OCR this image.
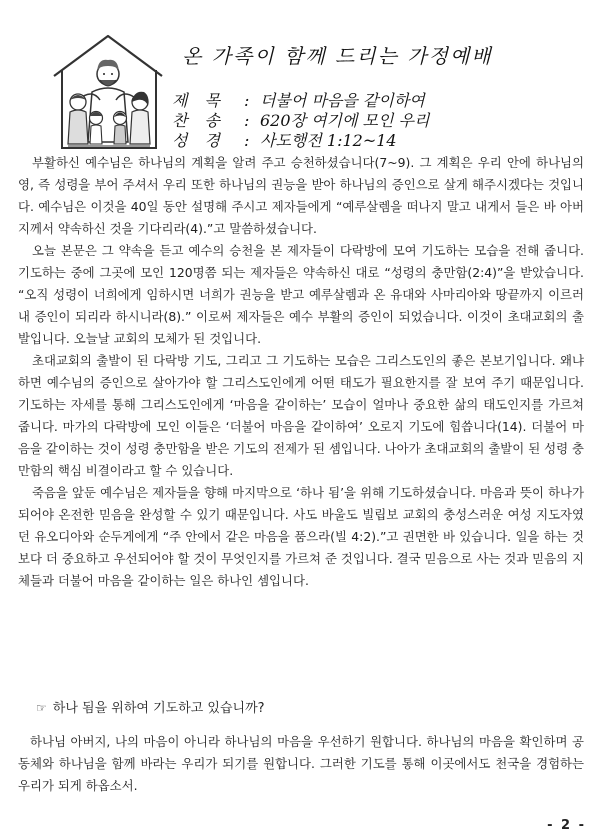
온 가족이 함께 드리는 가정예배
제 목 : 더불어 마음을 같이하여
찬 송 : 620장 여기에 모인 우리
성 경 : 사도행전 1:12~14

부활하신 예수님은 하나님의 계획을 알려 주고 승천하셨습니다(7~9). 그 계획은 우리 안에 하나님의 영, 즉 성령을 부어 주셔서 우리 또한 하나님의 권능을 받아 하나님의 증인으로 살게 해주시겠다는 것입니다. 예수님은 이것을 40일 동안 설명해 주시고 제자들에게 “예루살렘을 떠나지 말고 내게서 들은 바 아버지께서 약속하신 것을 기다리라(4).”고 말씀하셨습니다.

오늘 본문은 그 약속을 듣고 예수의 승천을 본 제자들이 다락방에 모여 기도하는 모습을 전해 줍니다. 기도하는 중에 그곳에 모인 120명쯤 되는 제자들은 약속하신 대로 “성령의 충만함(2:4)”을 받았습니다. “오직 성령이 너희에게 임하시면 너희가 권능을 받고 예루살렘과 온 유대와 사마리아와 땅끝까지 이르러 내 증인이 되리라 하시니라(8).” 이로써 제자들은 예수 부활의 증인이 되었습니다. 이것이 초대교회의 출발입니다. 오늘날 교회의 모체가 된 것입니다.

초대교회의 출발이 된 다락방 기도, 그리고 그 기도하는 모습은 그리스도인의 좋은 본보기입니다. 왜냐하면 예수님의 증인으로 살아가야 할 그리스도인에게 어떤 태도가 필요한지를 잘 보여 주기 때문입니다. 기도하는 자세를 통해 그리스도인에게 ‘마음을 같이하는’ 모습이 얼마나 중요한 삶의 태도인지를 가르쳐 줍니다. 마가의 다락방에 모인 이들은 ‘더불어 마음을 같이하여’ 오로지 기도에 힘씁니다(14). 더불어 마음을 같이하는 것이 성령 충만함을 받은 기도의 전제가 된 셈입니다. 나아가 초대교회의 출발이 된 성령 충만함의 핵심 비결이라고 할 수 있습니다.

죽음을 앞둔 예수님은 제자들을 향해 마지막으로 ‘하나 됨’을 위해 기도하셨습니다. 마음과 뜻이 하나가 되어야 온전한 믿음을 완성할 수 있기 때문입니다. 사도 바울도 빌립보 교회의 충성스러운 여성 지도자였던 유오디아와 순두게에게 “주 안에서 같은 마음을 품으라(빌 4:2).”고 권면한 바 있습니다. 일을 하는 것보다 더 중요하고 우선되어야 할 것이 무엇인지를 가르쳐 준 것입니다. 결국 믿음으로 사는 것과 믿음의 지체들과 더불어 마음을 같이하는 일은 하나인 셈입니다.

☞ 하나 됨을 위하여 기도하고 있습니까?

하나님 아버지, 나의 마음이 아니라 하나님의 마음을 우선하기 원합니다. 하나님의 마음을 확인하며 공동체와 하나님을 함께 바라는 우리가 되기를 원합니다. 그러한 기도를 통해 이곳에서도 천국을 경험하는 우리가 되게 하옵소서.

- 2 -
